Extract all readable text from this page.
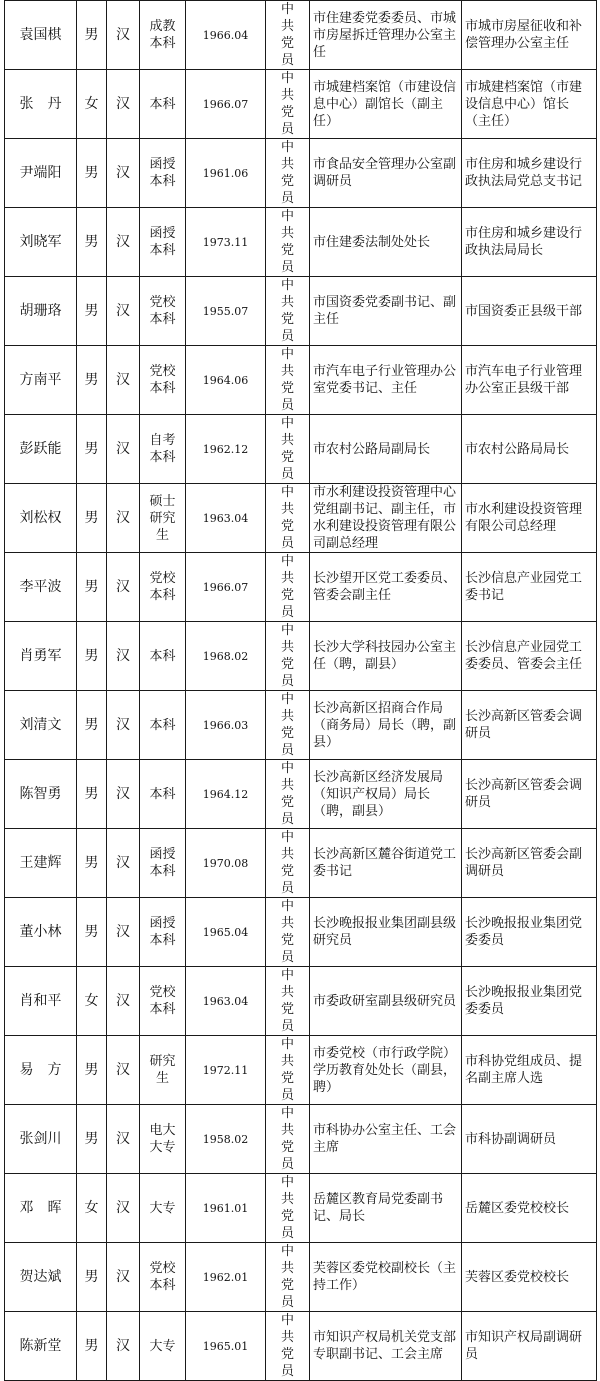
袁国棋	男	汉	成教本科	1966.04	中共党员	市住建委党委委员、市城市房屋拆迁管理办公室主任	市城市房屋征收和补偿管理办公室主任
张　丹	女	汉	本科	1966.07	中共党员	市城建档案馆（市建设信息中心）副馆长（副主任）	市城建档案馆（市建设信息中心）馆长（主任）
尹端阳	男	汉	函授本科	1961.06	中共党员	市食品安全管理办公室副调研员	市住房和城乡建设行政执法局党总支书记
刘晓军	男	汉	函授本科	1973.11	中共党员	市住建委法制处处长	市住房和城乡建设行政执法局局长
胡珊珞	男	汉	党校本科	1955.07	中共党员	市国资委党委副书记、副主任	市国资委正县级干部
方南平	男	汉	党校本科	1964.06	中共党员	市汽车电子行业管理办公室党委书记、主任	市汽车电子行业管理办公室正县级干部
彭跃能	男	汉	自考本科	1962.12	中共党员	市农村公路局副局长	市农村公路局局长
刘松权	男	汉	硕士研究生	1963.04	中共党员	市水利建设投资管理中心党组副书记、副主任，市水利建设投资管理有限公司副总经理	市水利建设投资管理有限公司总经理
李平波	男	汉	党校本科	1966.07	中共党员	长沙望开区党工委委员、管委会副主任	长沙信息产业园党工委书记
肖勇军	男	汉	本科	1968.02	中共党员	长沙大学科技园办公室主任（聘，副县）	长沙信息产业园党工委委员、管委会主任
刘清文	男	汉	本科	1966.03	中共党员	长沙高新区招商合作局（商务局）局长（聘，副县）	长沙高新区管委会调研员
陈智勇	男	汉	本科	1964.12	中共党员	长沙高新区经济发展局（知识产权局）局长（聘，副县）	长沙高新区管委会调研员
王建辉	男	汉	函授本科	1970.08	中共党员	长沙高新区麓谷街道党工委书记	长沙高新区管委会副调研员
董小林	男	汉	函授本科	1965.04	中共党员	长沙晚报报业集团副县级研究员	长沙晚报报业集团党委委员
肖和平	女	汉	党校本科	1963.04	中共党员	市委政研室副县级研究员	长沙晚报报业集团党委委员
易　方	男	汉	研究生	1972.11	中共党员	市委党校（市行政学院）学历教育处处长（副县，聘）	市科协党组成员、提名副主席人选
张剑川	男	汉	电大大专	1958.02	中共党员	市科协办公室主任、工会主席	市科协副调研员
邓　晖	女	汉	大专	1961.01	中共党员	岳麓区教育局党委副书记、局长	岳麓区委党校校长
贺达斌	男	汉	党校本科	1962.01	中共党员	芙蓉区委党校副校长（主持工作）	芙蓉区委党校校长
陈新堂	男	汉	大专	1965.01	中共党员	市知识产权局机关党支部专职副书记、工会主席	市知识产权局副调研员
